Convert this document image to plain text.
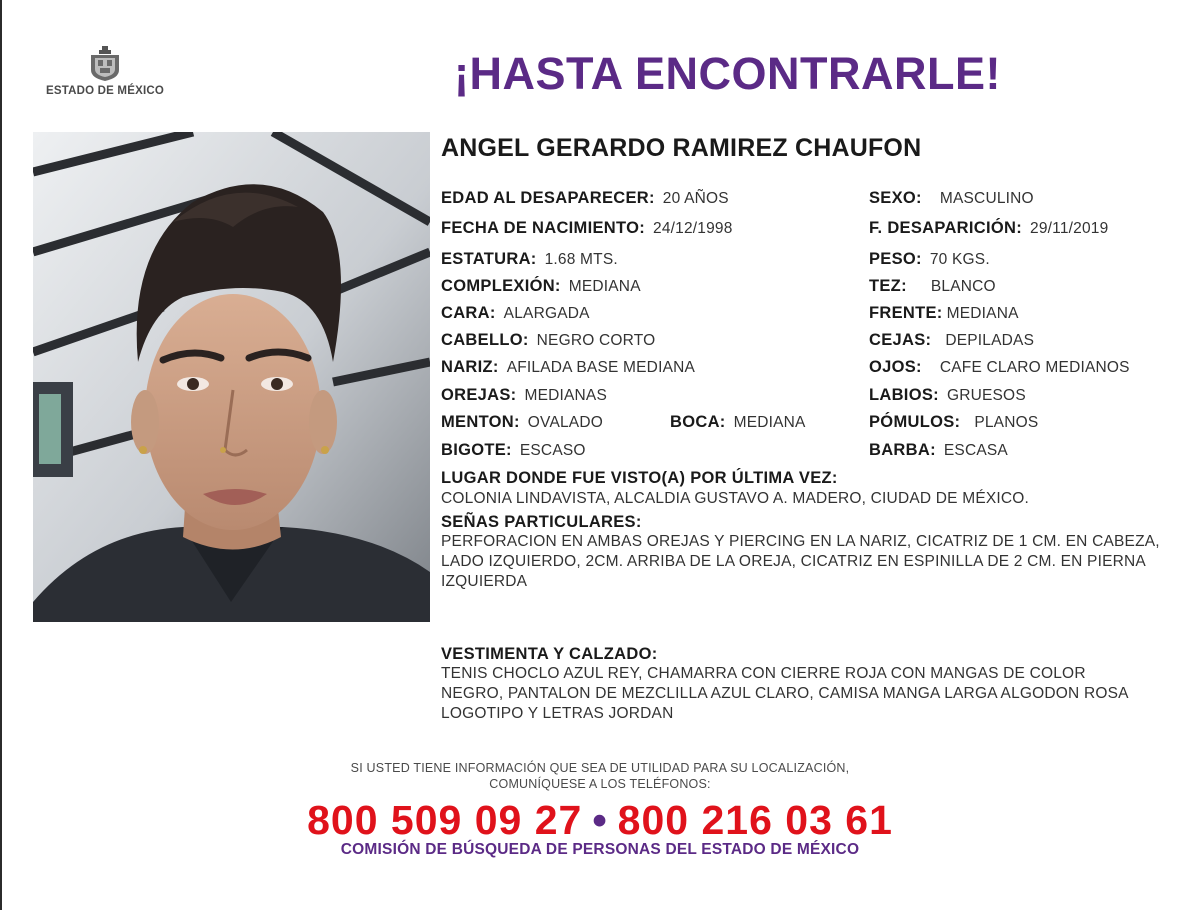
ESTADO DE MÉXICO	¡HASTA ENCONTRARLE!
ANGEL GERARDO RAMIREZ CHAUFON
EDAD AL DESAPARECER: 20 AÑOS
FECHA DE NACIMIENTO: 24/12/1998
ESTATURA: 1.68 MTS.
COMPLEXIÓN: MEDIANA
CARA: ALARGADA
CABELLO: NEGRO CORTO
NARIZ: AFILADA BASE MEDIANA
OREJAS: MEDIANAS
MENTON: OVALADO	BOCA: MEDIANA
BIGOTE: ESCASO
SEXO: MASCULINO
F. DESAPARICIÓN: 29/11/2019
PESO: 70 KGS.
TEZ: BLANCO
FRENTE: MEDIANA
CEJAS: DEPILADAS
OJOS: CAFE CLARO MEDIANOS
LABIOS: GRUESOS
PÓMULOS: PLANOS
BARBA: ESCASA
LUGAR DONDE FUE VISTO(A) POR ÚLTIMA VEZ:
COLONIA LINDAVISTA, ALCALDIA GUSTAVO A. MADERO, CIUDAD DE MÉXICO.
SEÑAS PARTICULARES:
PERFORACION EN AMBAS OREJAS Y PIERCING EN LA NARIZ, CICATRIZ DE 1 CM. EN CABEZA, LADO IZQUIERDO, 2CM. ARRIBA DE LA OREJA, CICATRIZ EN ESPINILLA DE 2 CM. EN PIERNA IZQUIERDA
VESTIMENTA Y CALZADO:
TENIS CHOCLO AZUL REY, CHAMARRA CON CIERRE ROJA CON MANGAS DE COLOR NEGRO, PANTALON DE MEZCLILLA AZUL CLARO, CAMISA MANGA LARGA ALGODON ROSA LOGOTIPO Y LETRAS JORDAN
SI USTED TIENE INFORMACIÓN QUE SEA DE UTILIDAD PARA SU LOCALIZACIÓN,
COMUNÍQUESE A LOS TELÉFONOS:
800 509 09 27 • 800 216 03 61
COMISIÓN DE BÚSQUEDA DE PERSONAS DEL ESTADO DE MÉXICO
